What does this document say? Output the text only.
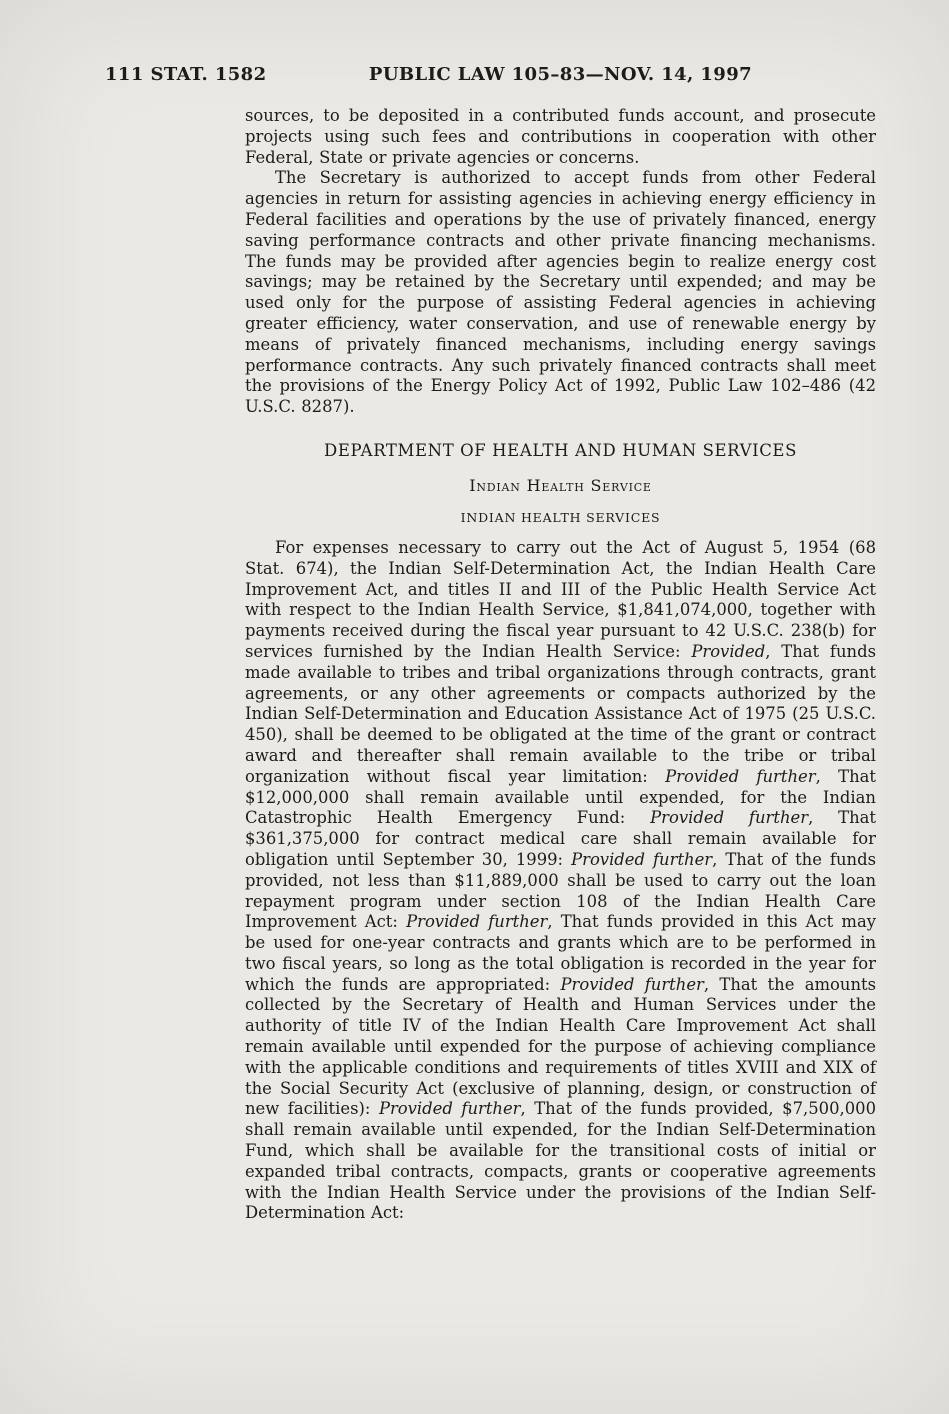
111 STAT. 1582	PUBLIC LAW 105–83—NOV. 14, 1997

sources, to be deposited in a contributed funds account, and prosecute projects using such fees and contributions in cooperation with other Federal, State or private agencies or concerns.

The Secretary is authorized to accept funds from other Federal agencies in return for assisting agencies in achieving energy efficiency in Federal facilities and operations by the use of privately financed, energy saving performance contracts and other private financing mechanisms. The funds may be provided after agencies begin to realize energy cost savings; may be retained by the Secretary until expended; and may be used only for the purpose of assisting Federal agencies in achieving greater efficiency, water conservation, and use of renewable energy by means of privately financed mechanisms, including energy savings performance contracts. Any such privately financed contracts shall meet the provisions of the Energy Policy Act of 1992, Public Law 102–486 (42 U.S.C. 8287).

DEPARTMENT OF HEALTH AND HUMAN SERVICES
Indian Health Service
INDIAN HEALTH SERVICES

For expenses necessary to carry out the Act of August 5, 1954 (68 Stat. 674), the Indian Self-Determination Act, the Indian Health Care Improvement Act, and titles II and III of the Public Health Service Act with respect to the Indian Health Service, $1,841,074,000, together with payments received during the fiscal year pursuant to 42 U.S.C. 238(b) for services furnished by the Indian Health Service: Provided, That funds made available to tribes and tribal organizations through contracts, grant agreements, or any other agreements or compacts authorized by the Indian Self-Determination and Education Assistance Act of 1975 (25 U.S.C. 450), shall be deemed to be obligated at the time of the grant or contract award and thereafter shall remain available to the tribe or tribal organization without fiscal year limitation: Provided further, That $12,000,000 shall remain available until expended, for the Indian Catastrophic Health Emergency Fund: Provided further, That $361,375,000 for contract medical care shall remain available for obligation until September 30, 1999: Provided further, That of the funds provided, not less than $11,889,000 shall be used to carry out the loan repayment program under section 108 of the Indian Health Care Improvement Act: Provided further, That funds provided in this Act may be used for one-year contracts and grants which are to be performed in two fiscal years, so long as the total obligation is recorded in the year for which the funds are appropriated: Provided further, That the amounts collected by the Secretary of Health and Human Services under the authority of title IV of the Indian Health Care Improvement Act shall remain available until expended for the purpose of achieving compliance with the applicable conditions and requirements of titles XVIII and XIX of the Social Security Act (exclusive of planning, design, or construction of new facilities): Provided further, That of the funds provided, $7,500,000 shall remain available until expended, for the Indian Self-Determination Fund, which shall be available for the transitional costs of initial or expanded tribal contracts, compacts, grants or cooperative agreements with the Indian Health Service under the provisions of the Indian Self-Determination Act:
